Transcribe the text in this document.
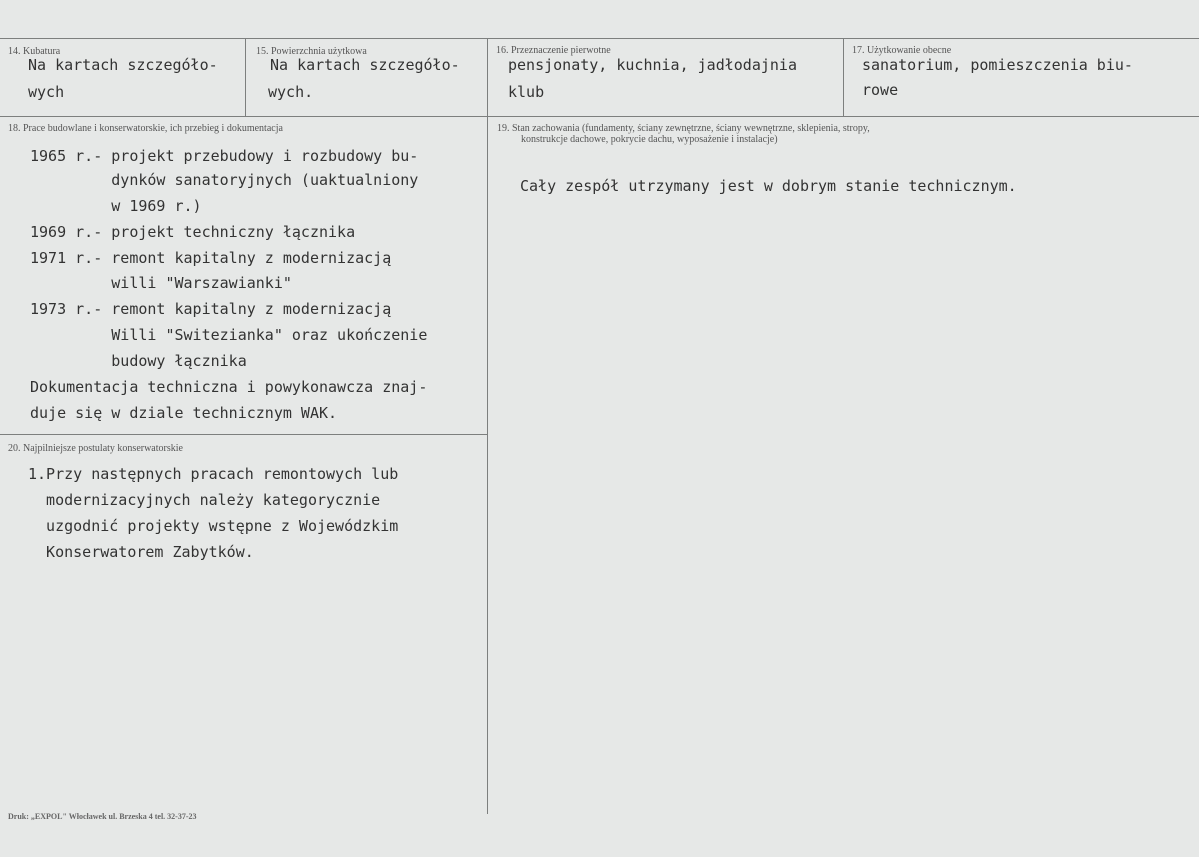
14. Kubatura
Na kartach szczegóło-
wych
15. Powierzchnia użytkowa
Na kartach szczegóło-
wych.
16. Przeznaczenie pierwotne
pensjonaty, kuchnia, jadłodajnia
klub
17. Użytkowanie obecne
sanatorium, pomieszczenia biu-
rowe
18. Prace budowlane i konserwatorskie, ich przebieg i dokumentacja
1965 r.- projekt przebudowy i rozbudowy bu-
dynków sanatoryjnych (uaktualniony
w 1969 r.)
1969 r.- projekt techniczny łącznika
1971 r.- remont kapitalny z modernizacją
willi "Warszawianki"
1973 r.- remont kapitalny z modernizacją
Willi "Switezianka" oraz ukończenie
budowy łącznika
Dokumentacja techniczna i powykonawcza znaj-
duje się w dziale technicznym WAK.
19. Stan zachowania (fundamenty, ściany zewnętrzne, ściany wewnętrzne, sklepienia, stropy,
konstrukcje dachowe, pokrycie dachu, wyposażenie i instalacje)
Cały zespół utrzymany jest w dobrym stanie technicznym.
20. Najpilniejsze postulaty konserwatorskie
1.Przy następnych pracach remontowych lub
modernizacyjnych należy kategorycznie
uzgodnić projekty wstępne z Wojewódzkim
Konserwatorem Zabytków.
Druk: „EXPOL" Włocławek ul. Brzeska 4 tel. 32-37-23
